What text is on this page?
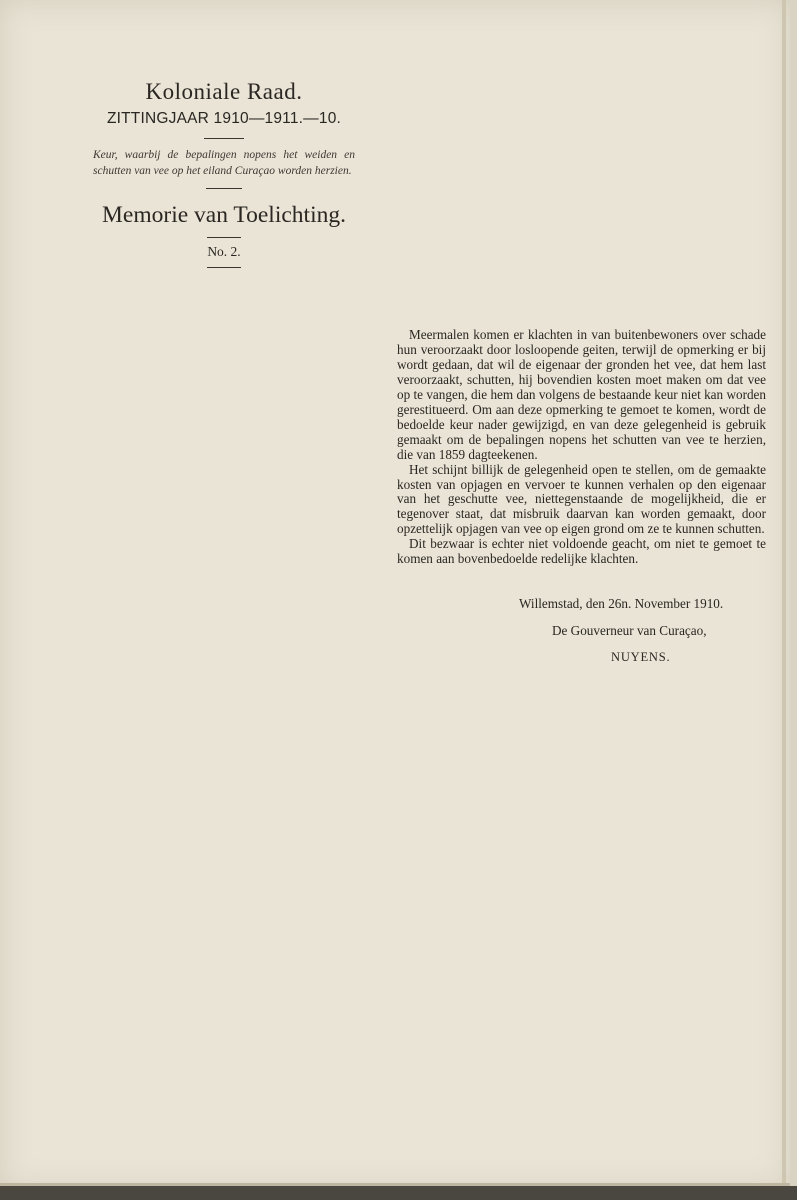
Koloniale Raad.
ZITTINGJAAR 1910—1911.—10.
Keur, waarbij de bepalingen nopens het weiden en schutten van vee op het eiland Curaçao worden herzien.
Memorie van Toelichting.
No. 2.

Meermalen komen er klachten in van buitenbewoners over schade hun veroorzaakt door losloopende geiten, terwijl de opmerking er bij wordt gedaan, dat wil de eigenaar der gronden het vee, dat hem last veroorzaakt, schutten, hij bovendien kosten moet maken om dat vee op te vangen, die hem dan volgens de bestaande keur niet kan worden gerestitueerd. Om aan deze opmerking te gemoet te komen, wordt de bedoelde keur nader gewijzigd, en van deze gelegenheid is gebruik gemaakt om de bepalingen nopens het schutten van vee te herzien, die van 1859 dagteekenen.

Het schijnt billijk de gelegenheid open te stellen, om de gemaakte kosten van opjagen en vervoer te kunnen verhalen op den eigenaar van het geschutte vee, niettegenstaande de mogelijkheid, die er tegenover staat, dat misbruik daarvan kan worden gemaakt, door opzettelijk opjagen van vee op eigen grond om ze te kunnen schutten.

Dit bezwaar is echter niet voldoende geacht, om niet te gemoet te komen aan bovenbedoelde redelijke klachten.

Willemstad, den 26n. November 1910.
De Gouverneur van Curaçao,
NUYENS.
